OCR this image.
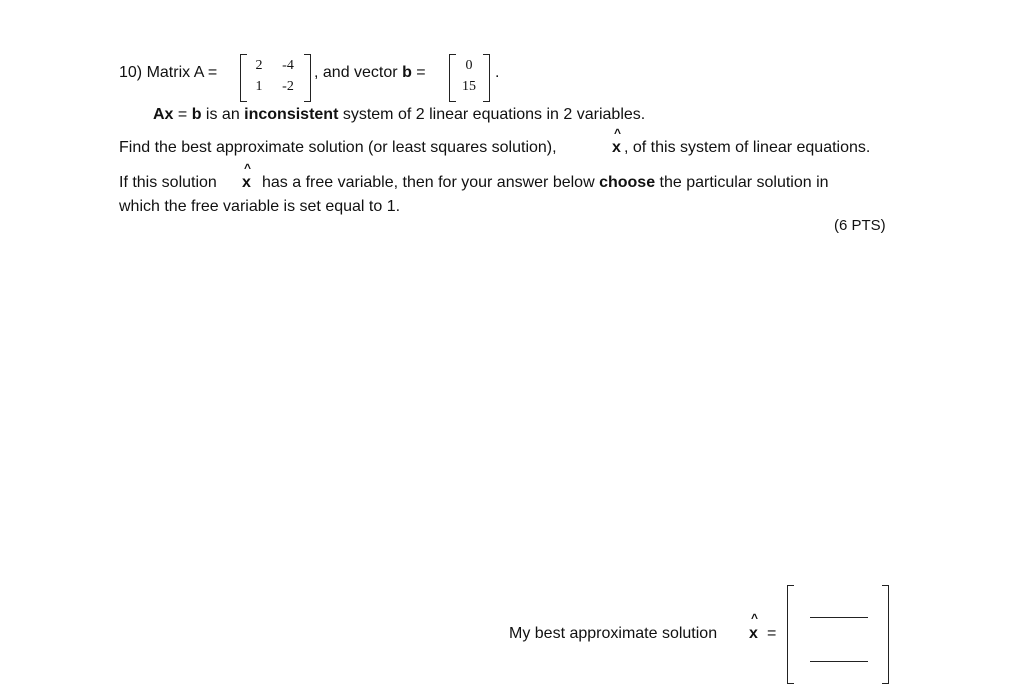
10) Matrix A =	2	-4
1	-2
, and vector b =	0
15
.
Ax = b is an inconsistent system of 2 linear equations in 2 variables.
Find the best approximate solution (or least squares solution),
^
x , of this system of linear equations.
If this solution
^
x has a free variable, then for your answer below choose the particular solution in
which the free variable is set equal to 1.
(6 PTS)
My best approximate solution
^
x =
